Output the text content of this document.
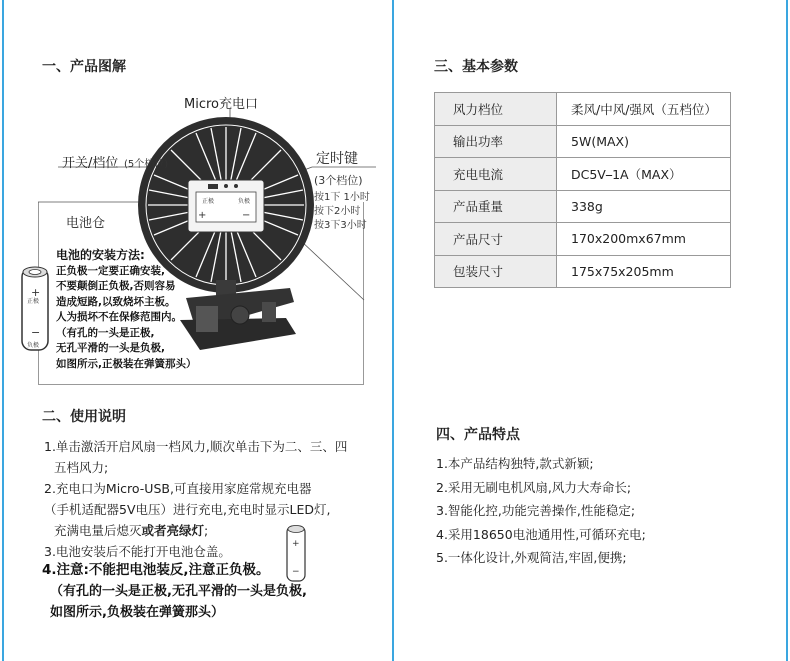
一、产品图解
二、使用说明
三、基本参数
四、产品特点
正极	负极
+	−
+
−
正极
负极
Micro充电口
开关/档位 (5个档位)	定时键
(3个档位)
按1下 1小时
按下2小时
按3下3小时
电池仓
电池的安装方法:
正负极一定要正确安装,
不要颠倒正负极,否则容易
造成短路,以致烧坏主板。
人为损坏不在保修范围内。
（有孔的一头是正极,
无孔平滑的一头是负极,
如图所示,正极装在弹簧那头）
1.单击激活开启风扇一档风力,顺次单击下为二、三、四
五档风力;
2.充电口为Micro-USB,可直接用家庭常规充电器
（手机适配器5V电压）进行充电,充电时显示LED灯,
充满电量后熄灭或者亮绿灯;
3.电池安装后不能打开电池仓盖。	+
−
4.注意:不能把电池装反,注意正负极。
（有孔的一头是正极,无孔平滑的一头是负极,
如图所示,负极装在弹簧那头）
风力档位	柔风/中风/强风（五档位）
输出功率	5W(MAX)
充电电流	DC5V⎯1A（MAX）
产品重量	338g
产品尺寸	170x200mx67mm
包装尺寸	175x75x205mm
1.本产品结构独特,款式新颖;
2.采用无刷电机风扇,风力大寿命长;
3.智能化控,功能完善操作,性能稳定;
4.采用18650电池通用性,可循环充电;
5.一体化设计,外观简洁,牢固,便携;
